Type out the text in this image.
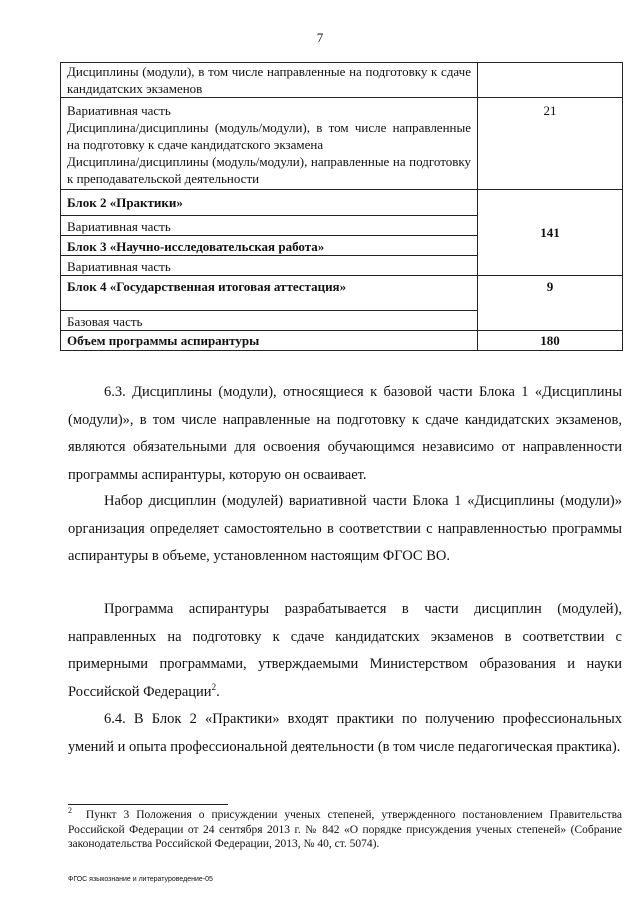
7
Дисциплины (модули), в том числе направленные на подготовку к сдаче кандидатских экзаменов	

Вариативная часть
Дисциплина/дисциплины (модуль/модули), в том числе направленные на подготовку к сдаче кандидатского экзамена
Дисциплина/дисциплины (модуль/модули), направленные на подготовку к преподавательской деятельности	21
Блок 2 «Практики»	141
Вариативная часть	
Блок 3 «Научно-исследовательская работа»	
Вариативная часть	
Блок 4 «Государственная итоговая аттестация»	9
Базовая часть	
Объем программы аспирантуры	180
6.3. Дисциплины (модули), относящиеся к базовой части Блока 1 «Дисциплины (модули)», в том числе направленные на подготовку к сдаче кандидатских экзаменов, являются обязательными для освоения обучающимся независимо от направленности программы аспирантуры, которую он осваивает.
Набор дисциплин (модулей) вариативной части Блока 1 «Дисциплины (модули)» организация определяет самостоятельно в соответствии с направленностью программы аспирантуры в объеме, установленном настоящим ФГОС ВО.
Программа аспирантуры разрабатывается в части дисциплин (модулей), направленных на подготовку к сдаче кандидатских экзаменов в соответствии с примерными программами, утверждаемыми Министерством образования и науки Российской Федерации$^2$.
6.4. В Блок 2 «Практики» входят практики по получению профессиональных умений и опыта профессиональной деятельности (в том числе педагогическая практика).
$^2$ Пункт 3 Положения о присуждении ученых степеней, утвержденного постановлением Правительства Российской Федерации от 24 сентября 2013 г. № 842 «О порядке присуждения ученых степеней» (Собрание законодательства Российской Федерации, 2013, № 40, ст. 5074).
ФГОС языкознание и литературоведение-05
